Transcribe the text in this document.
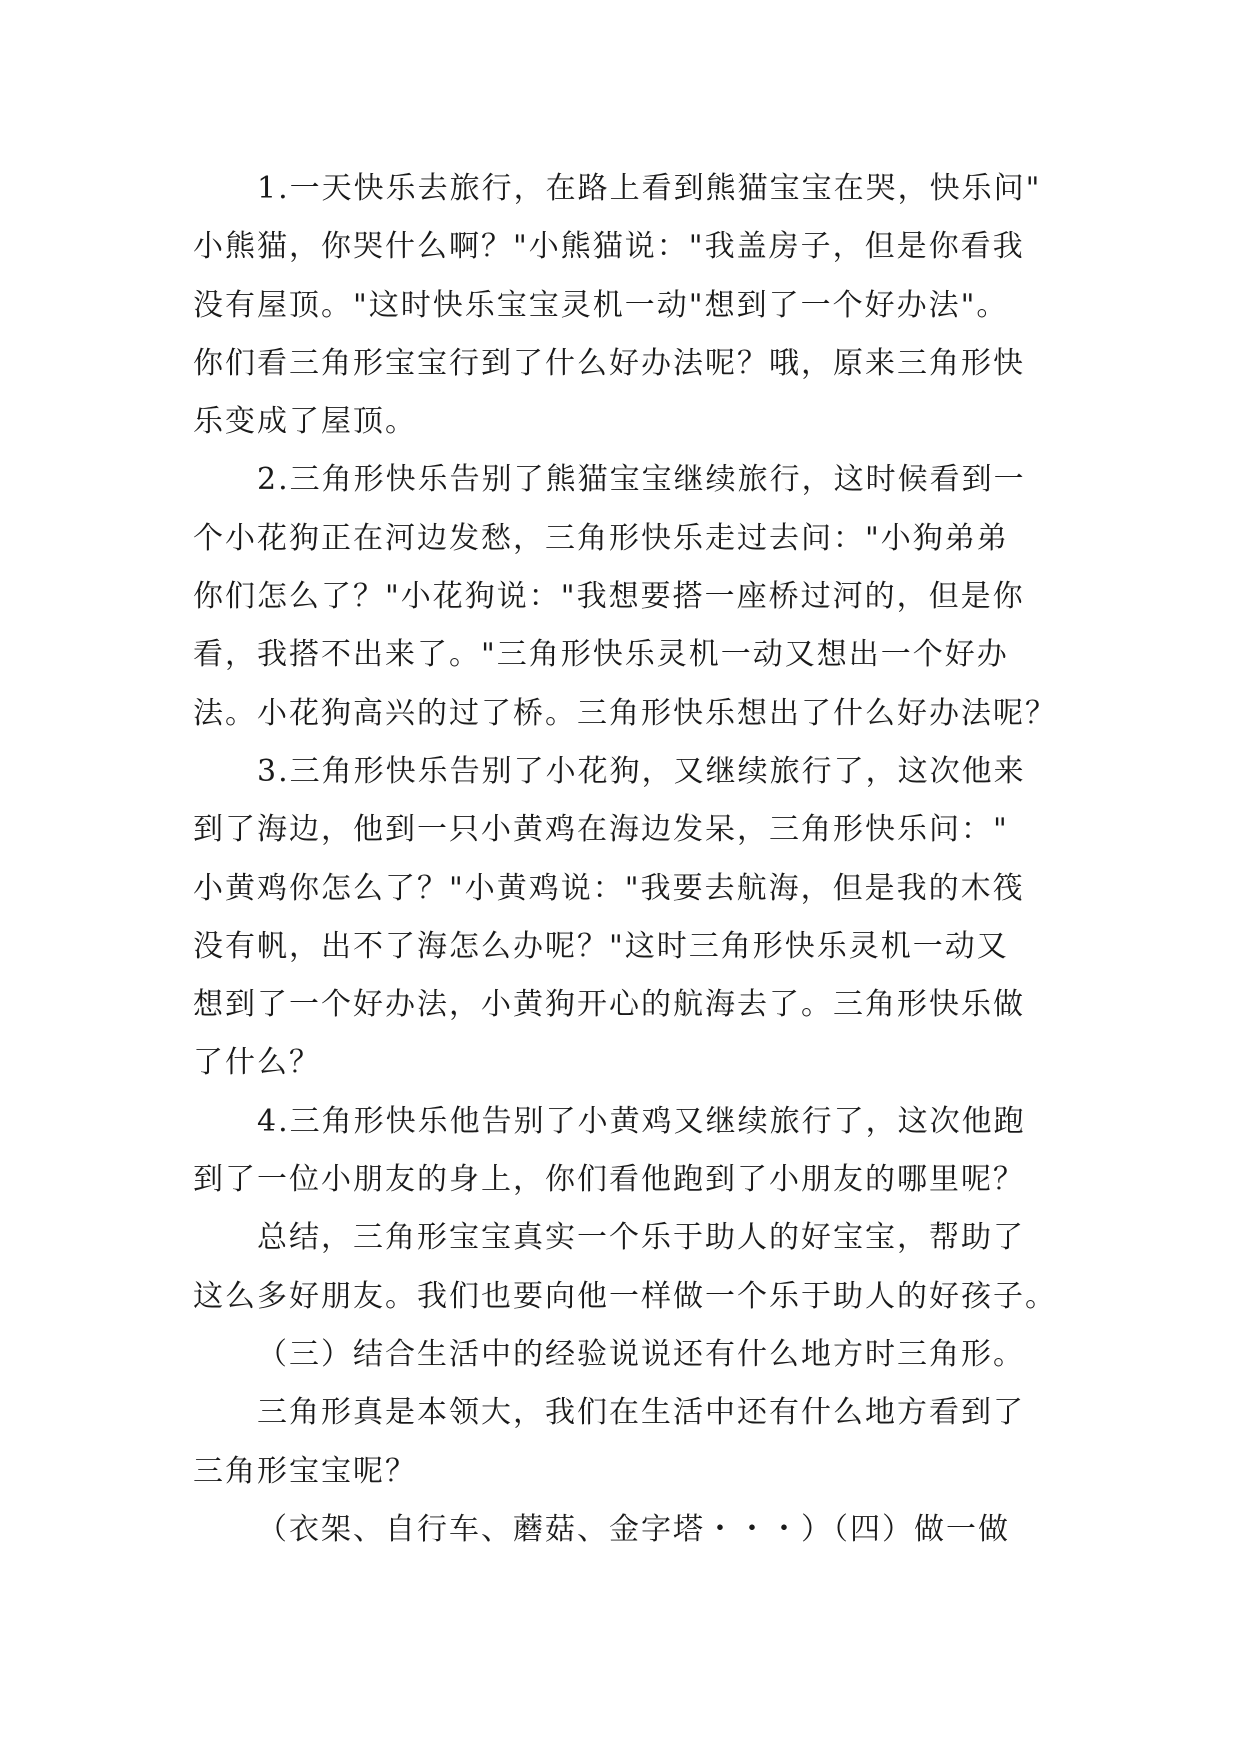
1.一天快乐去旅行，在路上看到熊猫宝宝在哭，快乐问"
小熊猫，你哭什么啊？"小熊猫说："我盖房子，但是你看我
没有屋顶。"这时快乐宝宝灵机一动"想到了一个好办法"。
你们看三角形宝宝行到了什么好办法呢？哦，原来三角形快
乐变成了屋顶。
2.三角形快乐告别了熊猫宝宝继续旅行，这时候看到一
个小花狗正在河边发愁，三角形快乐走过去问："小狗弟弟
你们怎么了？"小花狗说："我想要搭一座桥过河的，但是你
看，我搭不出来了。"三角形快乐灵机一动又想出一个好办
法。小花狗高兴的过了桥。三角形快乐想出了什么好办法呢？
3.三角形快乐告别了小花狗，又继续旅行了，这次他来
到了海边，他到一只小黄鸡在海边发呆，三角形快乐问："
小黄鸡你怎么了？"小黄鸡说："我要去航海，但是我的木筏
没有帆，出不了海怎么办呢？"这时三角形快乐灵机一动又
想到了一个好办法，小黄狗开心的航海去了。三角形快乐做
了什么？
4.三角形快乐他告别了小黄鸡又继续旅行了，这次他跑
到了一位小朋友的身上，你们看他跑到了小朋友的哪里呢？
总结，三角形宝宝真实一个乐于助人的好宝宝，帮助了
这么多好朋友。我们也要向他一样做一个乐于助人的好孩子。
（三）结合生活中的经验说说还有什么地方时三角形。
三角形真是本领大，我们在生活中还有什么地方看到了
三角形宝宝呢？
（衣架、自行车、蘑菇、金字塔・・・）（四）做一做
